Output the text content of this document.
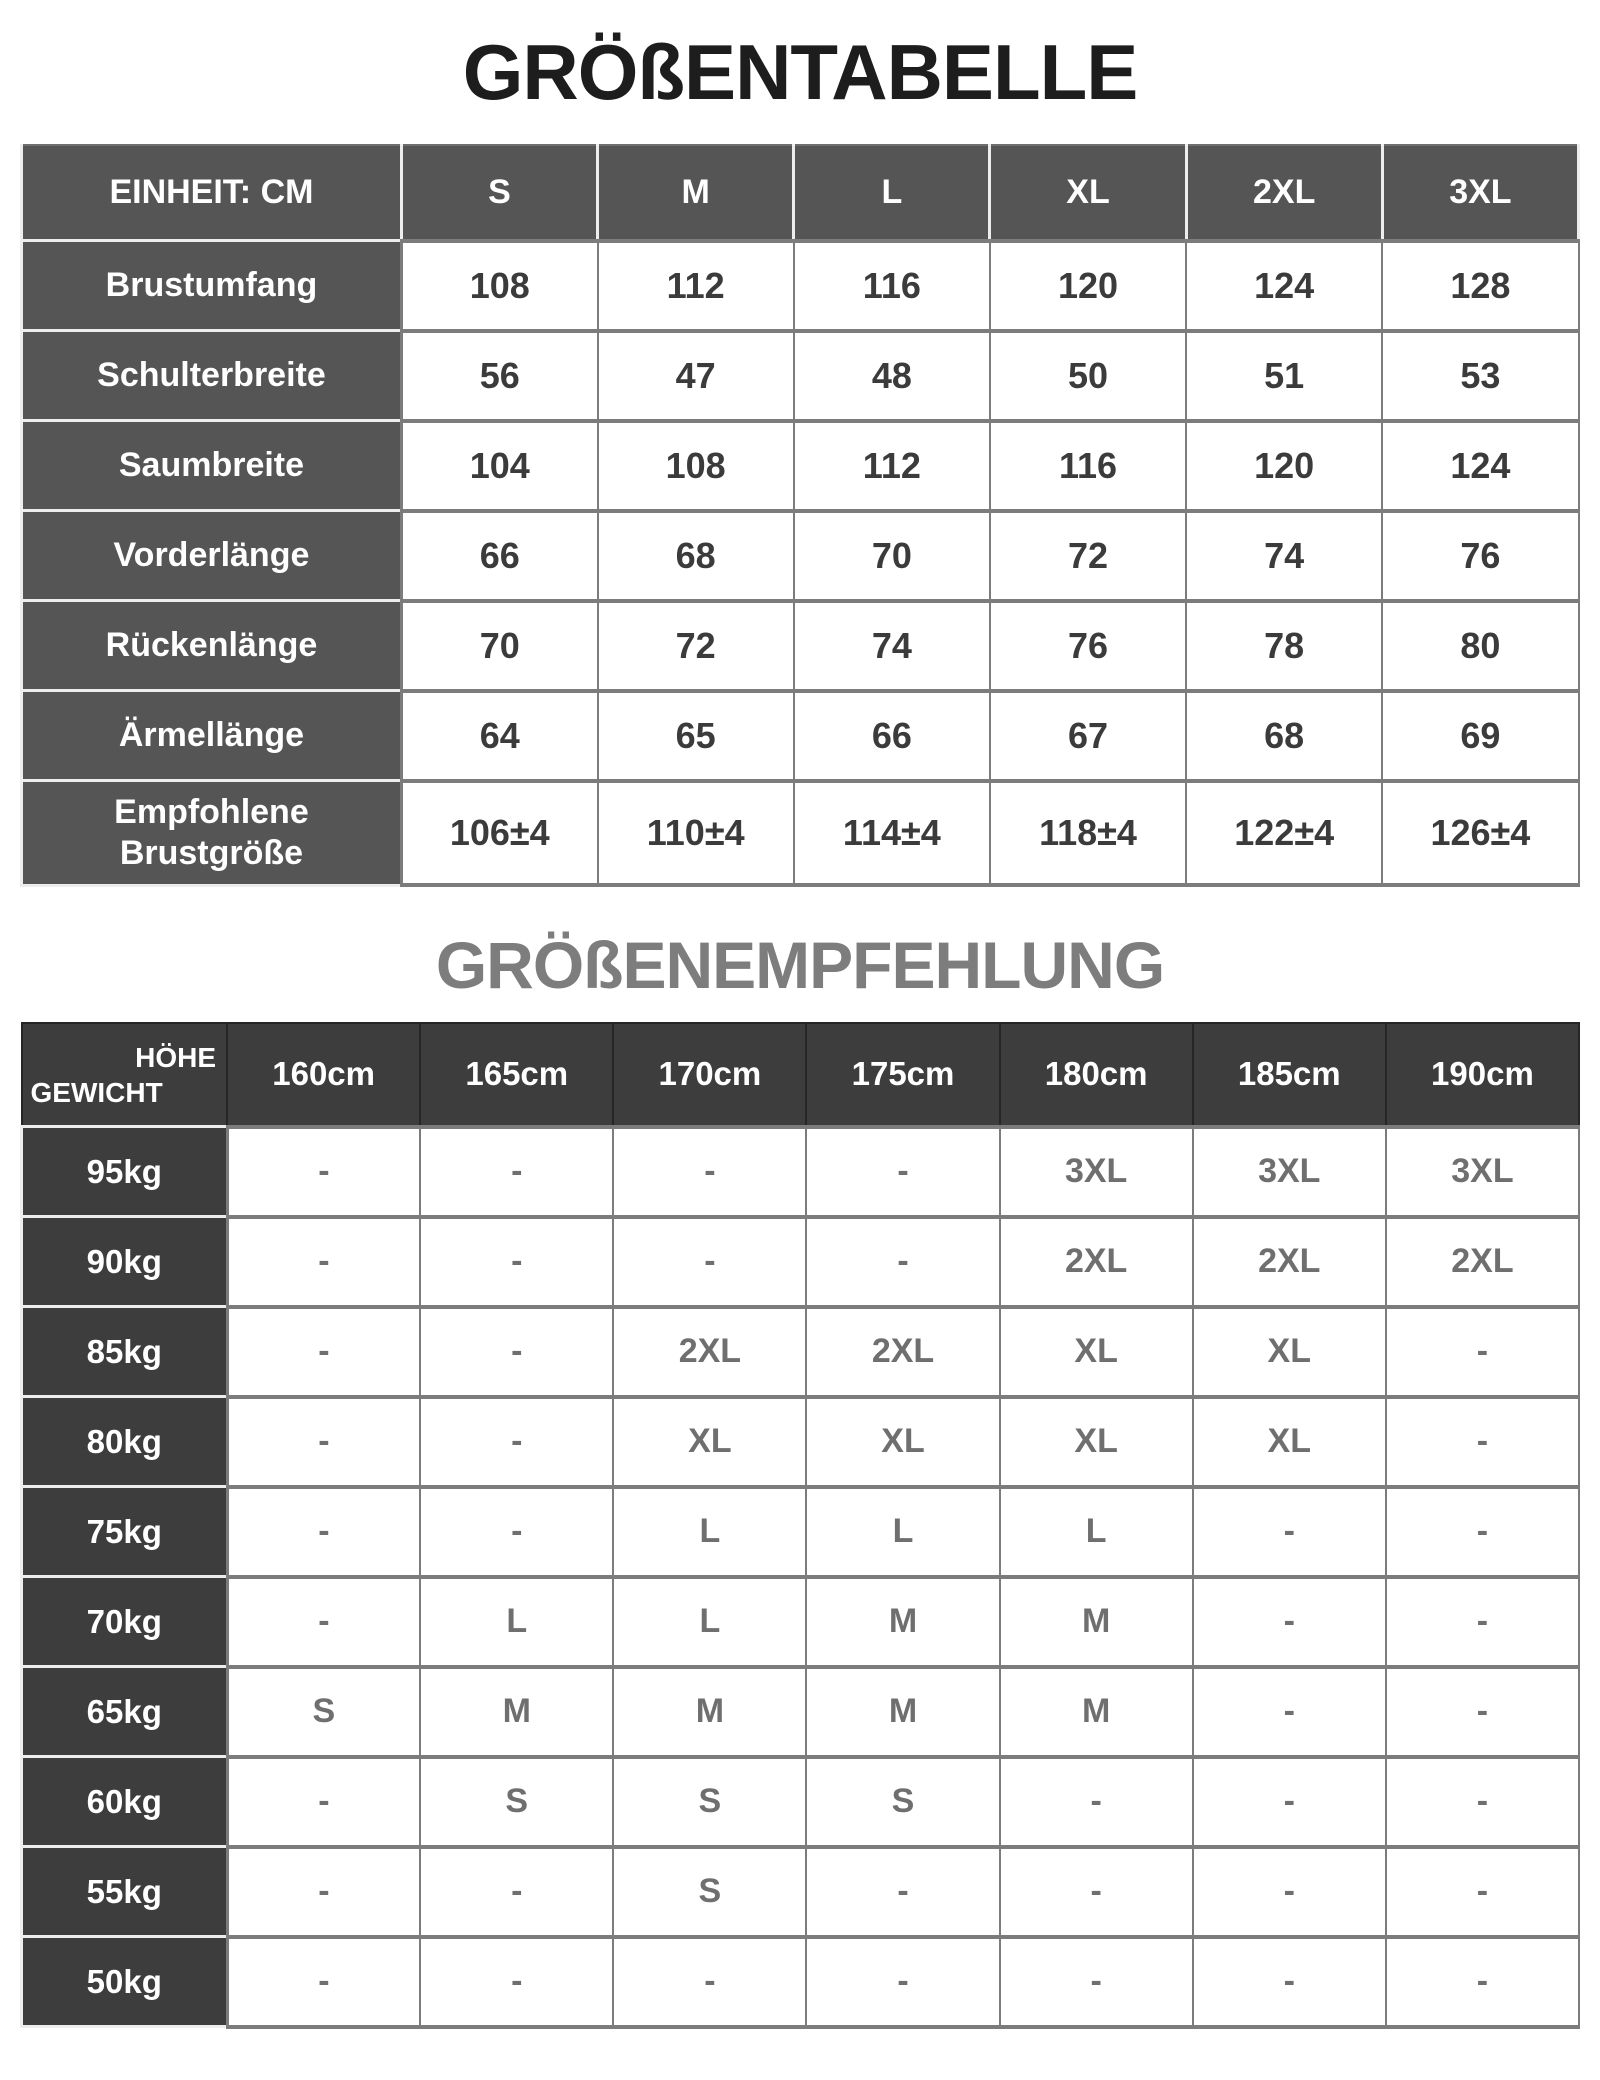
GRÖßENTABELLE
EINHEIT: CM	S	M	L	XL	2XL	3XL
Brustumfang	108	112	116	120	124	128
Schulterbreite	56	47	48	50	51	53
Saumbreite	104	108	112	116	120	124
Vorderlänge	66	68	70	72	74	76
Rückenlänge	70	72	74	76	78	80
Ärmellänge	64	65	66	67	68	69
Empfohlene Brustgröße	106±4	110±4	114±4	118±4	122±4	126±4
GRÖßENEMPFEHLUNG
HÖHE
GEWICHT	160cm	165cm	170cm	175cm	180cm	185cm	190cm
95kg	-	-	-	-	3XL	3XL	3XL
90kg	-	-	-	-	2XL	2XL	2XL
85kg	-	-	2XL	2XL	XL	XL	-
80kg	-	-	XL	XL	XL	XL	-
75kg	-	-	L	L	L	-	-
70kg	-	L	L	M	M	-	-
65kg	S	M	M	M	M	-	-
60kg	-	S	S	S	-	-	-
55kg	-	-	S	-	-	-	-
50kg	-	-	-	-	-	-	-
